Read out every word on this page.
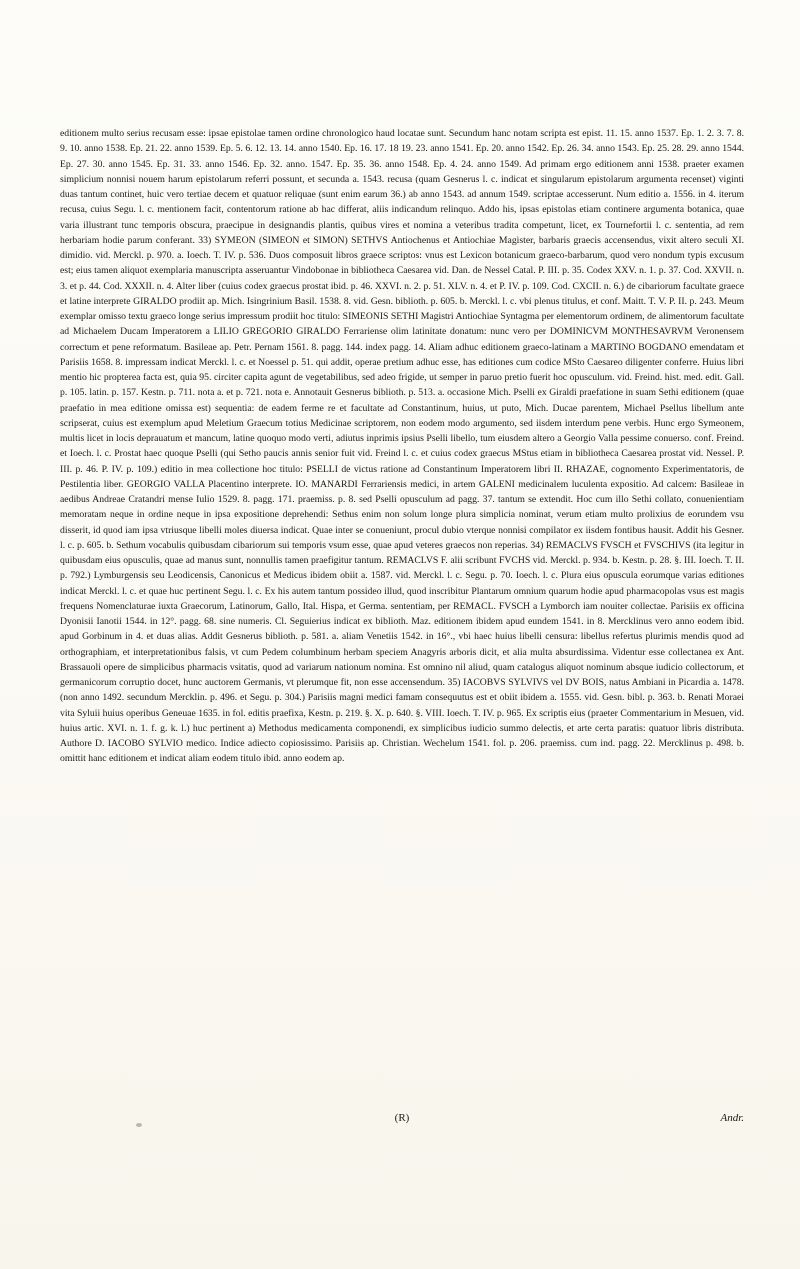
editionem multo serius recusam esse: ipsae epistolae tamen ordine chronologico haud locatae sunt. Secundum hanc notam scripta est epist. 11. 15. anno 1537. Ep. 1. 2. 3. 7. 8. 9. 10. anno 1538. Ep. 21. 22. anno 1539. Ep. 5. 6. 12. 13. 14. anno 1540. Ep. 16. 17. 18 19. 23. anno 1541. Ep. 20. anno 1542. Ep. 26. 34. anno 1543. Ep. 25. 28. 29. anno 1544. Ep. 27. 30. anno 1545. Ep. 31. 33. anno 1546. Ep. 32. anno. 1547. Ep. 35. 36. anno 1548. Ep. 4. 24. anno 1549. Ad primam ergo editionem anni 1538. praeter examen simplicium nonnisi nouem harum epistolarum referri possunt, et secunda a. 1543. recusa (quam Gesnerus l. c. indicat et singularum epistolarum argumenta recenset) viginti duas tantum continet, huic vero tertiae decem et quatuor reliquae (sunt enim earum 36.) ab anno 1543. ad annum 1549. scriptae accesserunt. Num editio a. 1556. in 4. iterum recusa, cuius Segu. l. c. mentionem facit, contentorum ratione ab hac differat, aliis indicandum relinquo. Addo his, ipsas epistolas etiam continere argumenta botanica, quae varia illustrant tunc temporis obscura, praecipue in designandis plantis, quibus vires et nomina a veteribus tradita competunt, licet, ex Tournefortii l. c. sententia, ad rem herbariam hodie parum conferant. 33) SYMEON (SIMEON et SIMON) SETHVS Antiochenus et Antiochiae Magister, barbaris graecis accensendus, vixit altero seculi XI. dimidio. vid. Merckl. p. 970. a. Ioech. T. IV. p. 536. Duos composuit libros graece scriptos: vnus est Lexicon botanicum graeco-barbarum, quod vero nondum typis excusum est; eius tamen aliquot exemplaria manuscripta asseruantur Vindobonae in bibliotheca Caesarea vid. Dan. de Nessel Catal. P. III. p. 35. Codex XXV. n. 1. p. 37. Cod. XXVII. n. 3. et p. 44. Cod. XXXII. n. 4. Alter liber (cuius codex graecus prostat ibid. p. 46. XXVI. n. 2. p. 51. XLV. n. 4. et P. IV. p. 109. Cod. CXCII. n. 6.) de cibariorum facultate graece et latine interprete GIRALDO prodiit ap. Mich. Isingrinium Basil. 1538. 8. vid. Gesn. biblioth. p. 605. b. Merckl. l. c. vbi plenus titulus, et conf. Maitt. T. V. P. II. p. 243. Meum exemplar omisso textu graeco longe serius impressum prodiit hoc titulo: SIMEONIS SETHI Magistri Antiochiae Syntagma per elementorum ordinem, de alimentorum facultate ad Michaelem Ducam Imperatorem a LILIO GREGORIO GIRALDO Ferrariense olim latinitate donatum: nunc vero per DOMINICVM MONTHESAVRVM Veronensem correctum et pene reformatum. Basileae ap. Petr. Pernam 1561. 8. pagg. 144. index pagg. 14. Aliam adhuc editionem graeco-latinam a MARTINO BOGDANO emendatam et Parisiis 1658. 8. impressam indicat Merckl. l. c. et Noessel p. 51. qui addit, operae pretium adhuc esse, has editiones cum codice MSto Caesareo diligenter conferre. Huius libri mentio hic propterea facta est, quia 95. circiter capita agunt de vegetabilibus, sed adeo frigide, ut semper in paruo pretio fuerit hoc opusculum. vid. Freind. hist. med. edit. Gall. p. 105. latin. p. 157. Kestn. p. 711. nota a. et p. 721. nota e. Annotauit Gesnerus biblioth. p. 513. a. occasione Mich. Pselli ex Giraldi praefatione in suam Sethi editionem (quae praefatio in mea editione omissa est) sequentia: de eadem ferme re et facultate ad Constantinum, huius, ut puto, Mich. Ducae parentem, Michael Psellus libellum ante scripserat, cuius est exemplum apud Meletium Graecum totius Medicinae scriptorem, non eodem modo argumento, sed iisdem interdum pene verbis. Hunc ergo Symeonem, multis licet in locis deprauatum et mancum, latine quoquo modo verti, adiutus inprimis ipsius Pselli libello, tum eiusdem altero a Georgio Valla pessime conuerso. conf. Freind. et Ioech. l. c. Prostat haec quoque Pselli (qui Setho paucis annis senior fuit vid. Freind l. c. et cuius codex graecus MStus etiam in bibliotheca Caesarea prostat vid. Nessel. P. III. p. 46. P. IV. p. 109.) editio in mea collectione hoc titulo: PSELLI de victus ratione ad Constantinum Imperatorem libri II. RHAZAE, cognomento Experimentatoris, de Pestilentia liber. GEORGIO VALLA Placentino interprete. IO. MANARDI Ferrariensis medici, in artem GALENI medicinalem luculenta expositio. Ad calcem: Basileae in aedibus Andreae Cratandri mense Iulio 1529. 8. pagg. 171. praemiss. p. 8. sed Pselli opusculum ad pagg. 37. tantum se extendit. Hoc cum illo Sethi collato, conuenientiam memoratam neque in ordine neque in ipsa expositione deprehendi: Sethus enim non solum longe plura simplicia nominat, verum etiam multo prolixius de eorundem vsu disserit, id quod iam ipsa vtriusque libelli moles diuersa indicat. Quae inter se conueniunt, procul dubio vterque nonnisi compilator ex iisdem fontibus hausit. Addit his Gesner. l. c. p. 605. b. Sethum vocabulis quibusdam cibariorum sui temporis vsum esse, quae apud veteres graecos non reperias. 34) REMACLVS FVSCH et FVSCHIVS (ita legitur in quibusdam eius opusculis, quae ad manus sunt, nonnullis tamen praefigitur tantum. REMACLVS F. alii scribunt FVCHS vid. Merckl. p. 934. b. Kestn. p. 28. §. III. Ioech. T. II. p. 792.) Lymburgensis seu Leodicensis, Canonicus et Medicus ibidem obiit a. 1587. vid. Merckl. l. c. Segu. p. 70. Ioech. l. c. Plura eius opuscula eorumque varias editiones indicat Merckl. l. c. et quae huc pertinent Segu. l. c. Ex his autem tantum possideo illud, quod inscribitur Plantarum omnium quarum hodie apud pharmacopolas vsus est magis frequens Nomenclaturae iuxta Graecorum, Latinorum, Gallo, Ital. Hispa, et Germa. sententiam, per REMACL. FVSCH a Lymborch iam nouiter collectae. Parisiis ex officina Dyonisii Ianotii 1544. in 12°. pagg. 68. sine numeris. Cl. Seguierius indicat ex biblioth. Maz. editionem ibidem apud eundem 1541. in 8. Mercklinus vero anno eodem ibid. apud Gorbinum in 4. et duas alias. Addit Gesnerus biblioth. p. 581. a. aliam Venetiis 1542. in 16°., vbi haec huius libelli censura: libellus refertus plurimis mendis quod ad orthographiam, et interpretationibus falsis, vt cum Pedem columbinum herbam speciem Anagyris arboris dicit, et alia multa absurdissima. Videntur esse collectanea ex Ant. Brassauoli opere de simplicibus pharmacis vsitatis, quod ad variarum nationum nomina. Est omnino nil aliud, quam catalogus aliquot nominum absque iudicio collectorum, et germanicorum corruptio docet, hunc auctorem Germanis, vt plerumque fit, non esse accensendum. 35) IACOBVS SYLVIVS vel DV BOIS, natus Ambiani in Picardia a. 1478. (non anno 1492. secundum Mercklin. p. 496. et Segu. p. 304.) Parisiis magni medici famam consequutus est et obiit ibidem a. 1555. vid. Gesn. bibl. p. 363. b. Renati Moraei vita Syluii huius operibus Geneuae 1635. in fol. editis praefixa, Kestn. p. 219. §. X. p. 640. §. VIII. Ioech. T. IV. p. 965. Ex scriptis eius (praeter Commentarium in Mesuen, vid. huius artic. XVI. n. 1. f. g. k. l.) huc pertinent a) Methodus medicamenta componendi, ex simplicibus iudicio summo delectis, et arte certa paratis: quatuor libris distributa. Authore D. IACOBO SYLVIO medico. Indice adiecto copiosissimo. Parisiis ap. Christian. Wechelum 1541. fol. p. 206. praemiss. cum ind. pagg. 22. Mercklinus p. 498. b. omittit hanc editionem et indicat aliam eodem titulo ibid. anno eodem ap.

(R)	Andr.
